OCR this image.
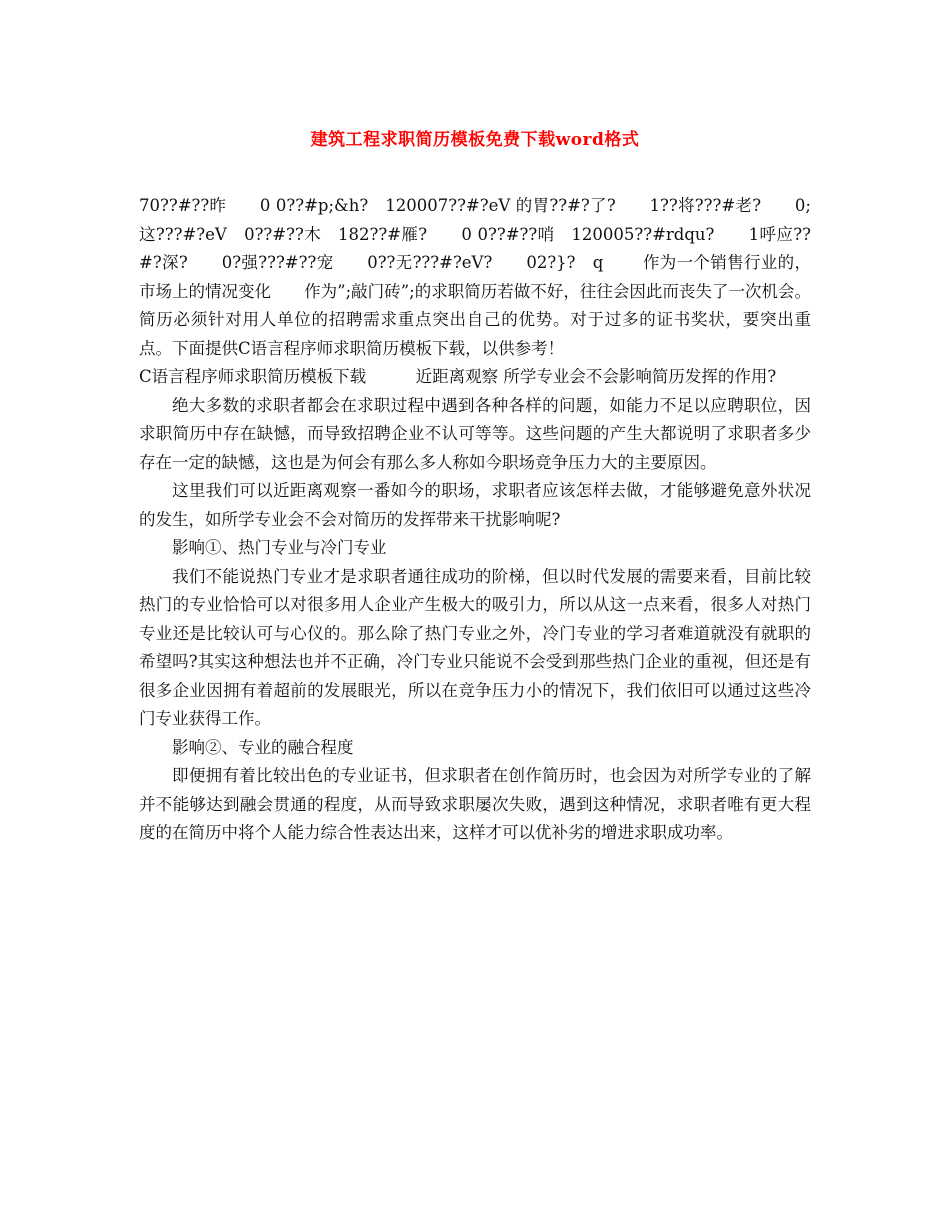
建筑工程求职简历模板免费下载word格式

70??#??昨　　0 0??#p;&h?　120007??#?eV 的胃??#?了?　　1??将???#老?　　0;这???#?eV　0??#??木　182??#雁?　　0 0??#??哨　120005??#rdqu?　　1呼应??#?深?　　0?强???#??宠　　0??无???#?eV?　　02?}?　q　　 作为一个销售行业的，市场上的情况变化　　作为”;敲门砖”;的求职简历若做不好，往往会因此而丧失了一次机会。简历必须针对用人单位的招聘需求重点突出自己的优势。对于过多的证书奖状，要突出重点。下面提供C语言程序师求职简历模板下载，以供参考！

C语言程序师求职简历模板下载　　　近距离观察 所学专业会不会影响简历发挥的作用?

绝大多数的求职者都会在求职过程中遇到各种各样的问题，如能力不足以应聘职位，因求职简历中存在缺憾，而导致招聘企业不认可等等。这些问题的产生大都说明了求职者多少存在一定的缺憾，这也是为何会有那么多人称如今职场竞争压力大的主要原因。

这里我们可以近距离观察一番如今的职场，求职者应该怎样去做，才能够避免意外状况的发生，如所学专业会不会对简历的发挥带来干扰影响呢?

影响①、热门专业与冷门专业

我们不能说热门专业才是求职者通往成功的阶梯，但以时代发展的需要来看，目前比较热门的专业恰恰可以对很多用人企业产生极大的吸引力，所以从这一点来看，很多人对热门专业还是比较认可与心仪的。那么除了热门专业之外，冷门专业的学习者难道就没有就职的希望吗?其实这种想法也并不正确，冷门专业只能说不会受到那些热门企业的重视，但还是有很多企业因拥有着超前的发展眼光，所以在竞争压力小的情况下，我们依旧可以通过这些冷门专业获得工作。

影响②、专业的融合程度

即便拥有着比较出色的专业证书，但求职者在创作简历时，也会因为对所学专业的了解并不能够达到融会贯通的程度，从而导致求职屡次失败，遇到这种情况，求职者唯有更大程度的在简历中将个人能力综合性表达出来，这样才可以优补劣的增进求职成功率。
